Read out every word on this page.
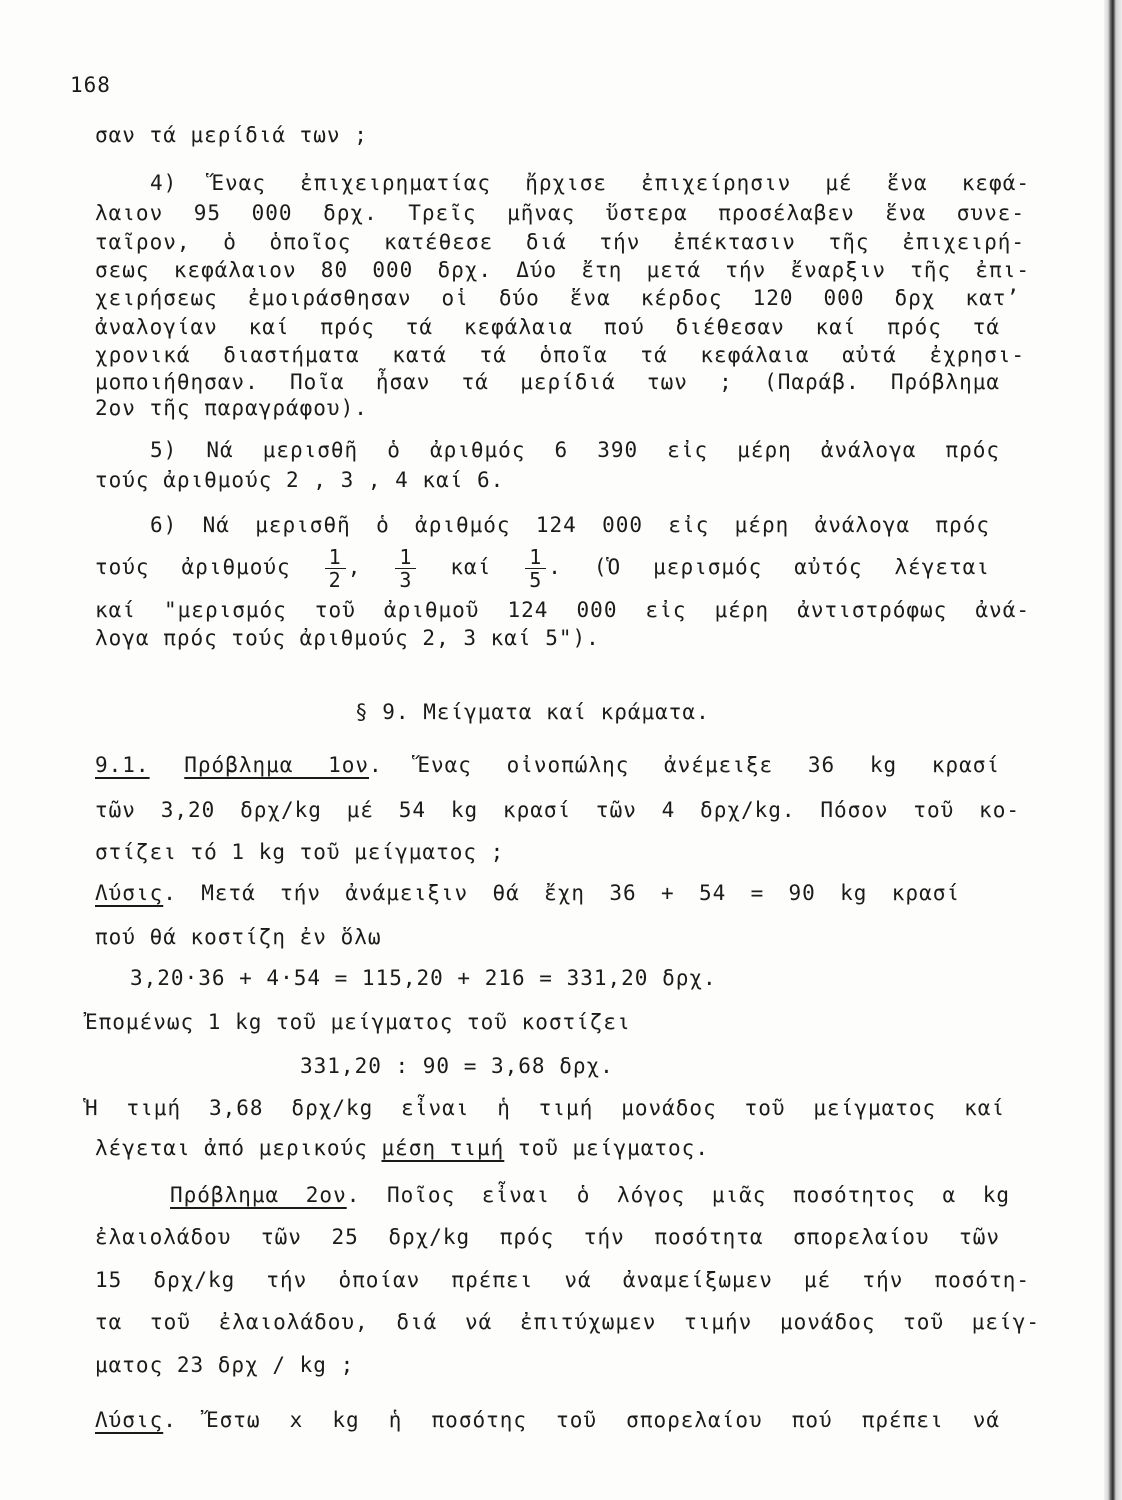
168
σαν τά μερίδιά των ;
4) Ἕνας ἐπιχειρηματίας ἤρχισε ἐπιχείρησιν μέ ἕνα κεφά-
λαιον 95 000 δρχ. Τρεῖς μῆνας ὕστερα προσέλαβεν ἕνα συνε-
ταῖρον, ὁ ὁποῖος κατέθεσε διά τήν ἐπέκτασιν τῆς ἐπιχειρή-
σεως κεφάλαιον 80 000 δρχ. Δύο ἔτη μετά τήν ἔναρξιν τῆς ἐπι-
χειρήσεως ἐμοιράσθησαν οἱ δύο ἕνα κέρδος 120 000 δρχ κατ’
ἀναλογίαν καί πρός τά κεφάλαια πού διέθεσαν καί πρός τά
χρονικά διαστήματα κατά τά ὁποῖα τά κεφάλαια αὐτά ἐχρησι-
μοποιήθησαν. Ποῖα ἦσαν τά μερίδιά των ; (Παράβ. Πρόβλημα
2ον τῆς παραγράφου).
5) Νά μερισθῆ ὁ ἀριθμός 6 390 εἰς μέρη ἀνάλογα πρός
τούς ἀριθμούς 2 , 3 , 4 καί 6.
6) Νά μερισθῆ ὁ ἀριθμός 124 000 εἰς μέρη ἀνάλογα πρός
τούς ἀριθμούς $\frac{1}{2}$ , $\frac{1}{3}$ καί $\frac{1}{5}$ . (Ὁ μερισμός αὐτός λέγεται
καί "μερισμός τοῦ ἀριθμοῦ 124 000 εἰς μέρη ἀντιστρόφως ἀνά-
λογα πρός τούς ἀριθμούς 2, 3 καί 5").
§ 9. Μείγματα καί κράματα.
9.1. Πρόβλημα 1ον. Ἕνας οἰνοπώλης ἀνέμειξε 36 kg κρασί
τῶν 3,20 δρχ/kg μέ 54 kg κρασί τῶν 4 δρχ/kg. Πόσον τοῦ κο-
στίζει τό 1 kg τοῦ μείγματος ;
Λύσις. Μετά τήν ἀνάμειξιν θά ἔχη 36 + 54 = 90 kg κρασί
πού θά κοστίζη ἐν ὅλω
3,20·36 + 4·54 = 115,20 + 216 = 331,20 δρχ.
Ἐπομένως 1 kg τοῦ μείγματος τοῦ κοστίζει
331,20 : 90 = 3,68 δρχ.
Ἡ τιμή 3,68 δρχ/kg εἶναι ἡ τιμή μονάδος τοῦ μείγματος καί
λέγεται ἀπό μερικούς μέση τιμή τοῦ μείγματος.
Πρόβλημα 2ον. Ποῖος εἶναι ὁ λόγος μιᾶς ποσότητος α kg
ἐλαιολάδου τῶν 25 δρχ/kg πρός τήν ποσότητα σπορελαίου τῶν
15 δρχ/kg τήν ὁποίαν πρέπει νά ἀναμείξωμεν μέ τήν ποσότη-
τα τοῦ ἐλαιολάδου, διά νά ἐπιτύχωμεν τιμήν μονάδος τοῦ μείγ-
ματος 23 δρχ / kg ;
Λύσις. Ἔστω x kg ἡ ποσότης τοῦ σπορελαίου πού πρέπει νά
